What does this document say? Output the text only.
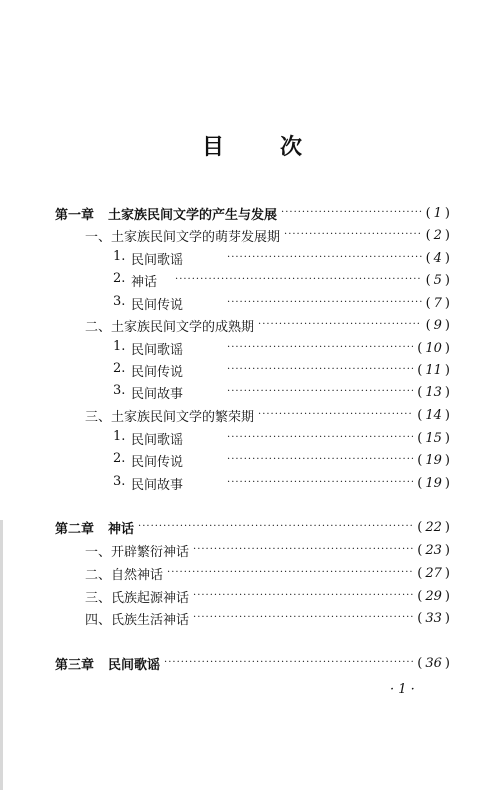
目	次
第一章 土家族民间文学的产生与发展 ·····	( 1 )
一、土家族民间文学的萌芽发展期 ·····	( 2 )
1. 民间歌谣 ·····	( 4 )
2. 神话 ·····	( 5 )
3. 民间传说 ·····	( 7 )
二、土家族民间文学的成熟期 ·····	( 9 )
1. 民间歌谣 ·····	( 10 )
2. 民间传说 ·····	( 11 )
3. 民间故事 ·····	( 13 )
三、土家族民间文学的繁荣期 ·····	( 14 )
1. 民间歌谣 ·····	( 15 )
2. 民间传说 ·····	( 19 )
3. 民间故事 ·····	( 19 )
第二章 神话 ·····	( 22 )
一、开辟繁衍神话 ·····	( 23 )
二、自然神话 ·····	( 27 )
三、氏族起源神话 ·····	( 29 )
四、氏族生活神话 ·····	( 33 )
第三章 民间歌谣 ·····	( 36 )
· 1 ·
